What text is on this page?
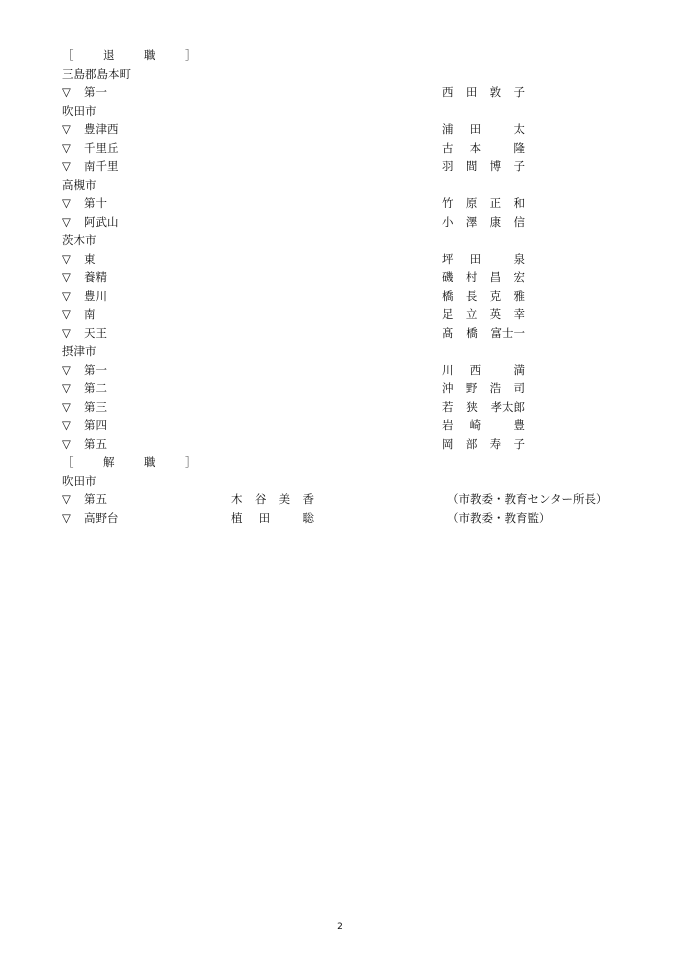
［　退　職　］
三島郡島本町
▽ 第一	西 田 敦 子
吹田市
▽ 豊津西	浦 田	太
▽ 千里丘	古 本	隆
▽ 南千里	羽 間 博 子
高槻市
▽ 第十	竹 原 正 和
▽ 阿武山	小 澤 康 信
茨木市
▽ 東	坪 田	泉
▽ 養精	磯 村 昌 宏
▽ 豊川	橋 長 克 雅
▽ 南	足 立 英 幸
▽ 天王	髙 橋 富士一
摂津市
▽ 第一	川 西	満
▽ 第二	沖 野 浩 司
▽ 第三	若 狭 孝太郎
▽ 第四	岩 崎	豊
▽ 第五	岡 部 寿 子
［　解　職　］
吹田市
▽ 第五	木 谷 美 香	（市教委・教育センター所長）
▽ 高野台	植 田	聡	（市教委・教育監）
2
